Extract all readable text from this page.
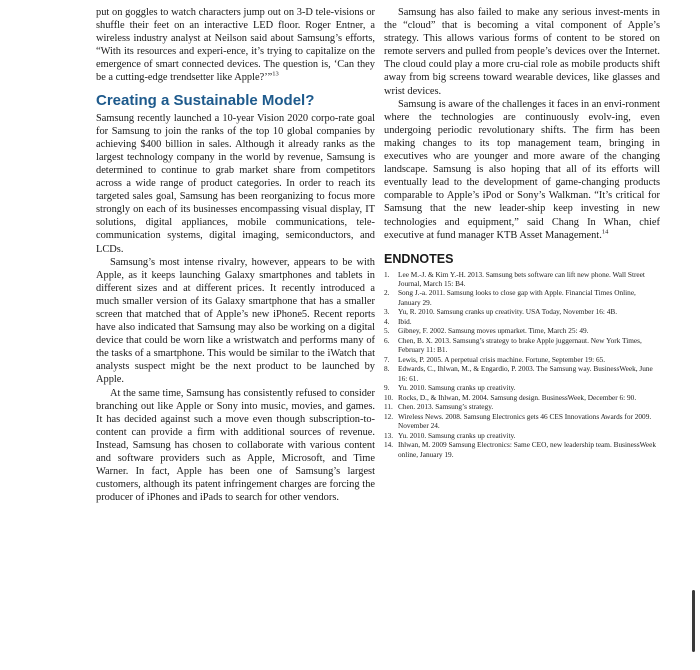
put on goggles to watch characters jump out on 3-D tele-visions or shuffle their feet on an interactive LED floor. Roger Entner, a wireless industry analyst at Neilson said about Samsung’s efforts, “With its resources and experi-ence, it’s trying to capitalize on the emergence of smart connected devices. The question is, ‘Can they be a cutting-edge trendsetter like Apple?’”$^{13}$

Creating a Sustainable Model?

Samsung recently launched a 10-year Vision 2020 corpo-rate goal for Samsung to join the ranks of the top 10 global companies by achieving $400 billion in sales. Although it already ranks as the largest technology company in the world by revenue, Samsung is determined to continue to grab market share from competitors across a wide range of product categories. In order to reach its targeted sales goal, Samsung has been reorganizing to focus more strongly on each of its businesses encompassing visual display, IT solutions, digital appliances, mobile communications, tele-communication systems, digital imaging, semiconductors, and LCDs.

Samsung’s most intense rivalry, however, appears to be with Apple, as it keeps launching Galaxy smartphones and tablets in different sizes and at different prices. It recently introduced a much smaller version of its Galaxy smartphone that has a smaller screen that matched that of Apple’s new iPhone5. Recent reports have also indicated that Samsung may also be working on a digital device that could be worn like a wristwatch and performs many of the tasks of a smartphone. This would be similar to the iWatch that analysts suspect might be the next product to be launched by Apple.

At the same time, Samsung has consistently refused to consider branching out like Apple or Sony into music, movies, and games. It has decided against such a move even though subscription-to-content can provide a firm with additional sources of revenue. Instead, Samsung has chosen to collaborate with various content and software providers such as Apple, Microsoft, and Time Warner. In fact, Apple has been one of Samsung’s largest customers, although its patent infringement charges are forcing the producer of iPhones and iPads to search for other vendors.

Samsung has also failed to make any serious invest-ments in the “cloud” that is becoming a vital component of Apple’s strategy. This allows various forms of content to be stored on remote servers and pulled from people’s devices over the Internet. The cloud could play a more cru-cial role as mobile products shift away from big screens toward wearable devices, like glasses and wrist devices.

Samsung is aware of the challenges it faces in an envi-ronment where the technologies are continuously evolv-ing, even undergoing periodic revolutionary shifts. The firm has been making changes to its top management team, bringing in executives who are younger and more aware of the changing landscape. Samsung is also hoping that all of its efforts will eventually lead to the development of game-changing products comparable to Apple’s iPod or Sony’s Walkman. “It’s critical for Samsung that the new leader-ship keep investing in new technologies and equipment,” said Chang In Whan, chief executive at fund manager KTB Asset Management.$^{14}$

ENDNOTES
1.	Lee M.-J. & Kim Y.-H. 2013. Samsung bets software can lift new phone. Wall Street Journal, March 15: B4.
2.	Song J.-a. 2011. Samsung looks to close gap with Apple. Financial Times Online, January 29.
3.	Yu, R. 2010. Samsung cranks up creativity. USA Today, November 16: 4B.
4.	Ibid.
5.	Gibney, F. 2002. Samsung moves upmarket. Time, March 25: 49.
6.	Chen, B. X. 2013. Samsung’s strategy to brake Apple juggernaut. New York Times, February 11: B1.
7.	Lewis, P. 2005. A perpetual crisis machine. Fortune, September 19: 65.
8.	Edwards, C., Ihlwan, M., & Engardio, P. 2003. The Samsung way. BusinessWeek, June 16: 61.
9.	Yu. 2010. Samsung cranks up creativity.
10. Rocks, D., & Ihlwan, M. 2004. Samsung design. BusinessWeek, December 6: 90.
11. Chen. 2013. Samsung’s strategy.
12. Wireless News. 2008. Samsung Electronics gets 46 CES Innovations Awards for 2009. November 24.
13. Yu. 2010. Samsung cranks up creativity.
14. Ihlwan, M. 2009 Samsung Electronics: Same CEO, new leadership team. BusinessWeek online, January 19.
